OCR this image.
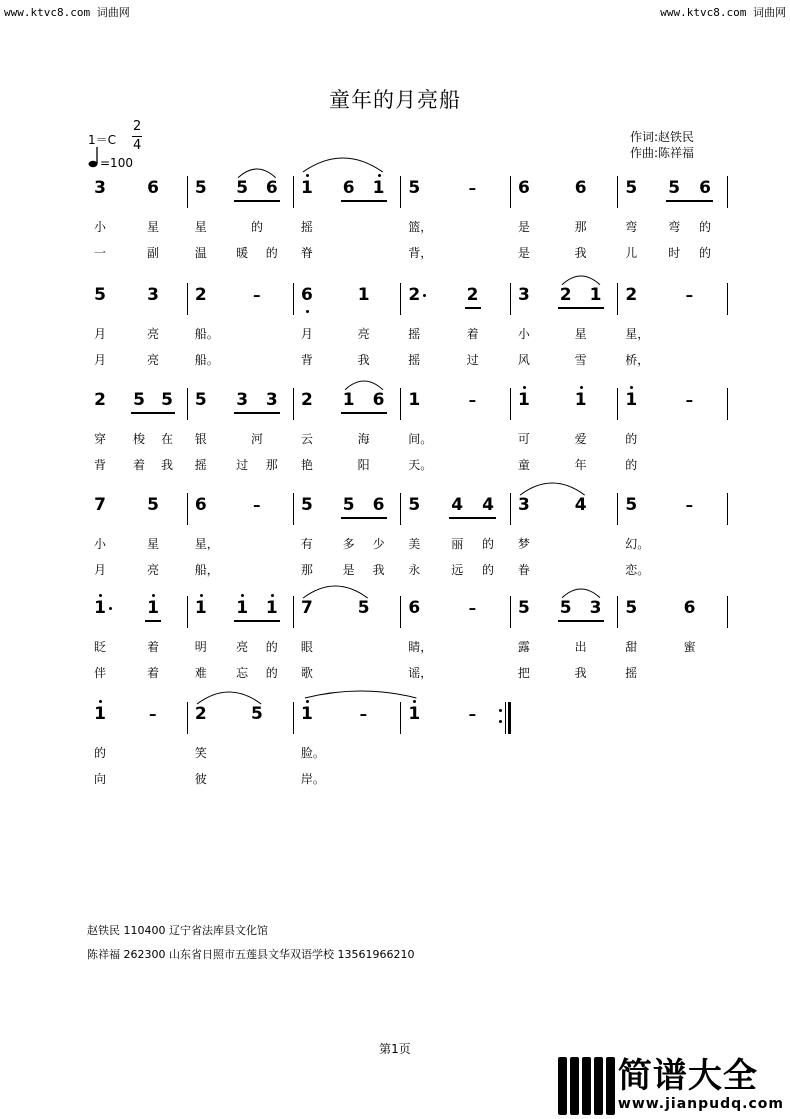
www.ktvc8.com 词曲网	www.ktvc8.com 词曲网
童年的月亮船
1＝C
2
4
=100
作词:赵铁民
作曲:陈祥福
3 6
小	星
一	副
5 5 6
星	的
温	暖	的
1 6 1
摇
脊
5	–
篮，
背，
6	6
是	那
是	我
5 5 6
弯	弯	的
儿	时	的
5 3
月	亮
月	亮
2	–
船。
船。
6	1
月	亮
背	我
2	2
摇	着
摇	过
3 2 1
小	星
风	雪
2	–
星，
桥，
2 5 5
穿	梭	在
背	着	我
5 3 3
银	河
摇	过	那
2 1 6
云	海
艳	阳
1	–
间。
天。
1	1
可	爱
童	年
1	–
的
的
7 5
小	星
月	亮
6	–
星，
船，
5 5 6
有	多	少
那	是	我
5 4 4
美	丽	的
永	远	的
3	4
梦
眷
5	–
幻。
恋。
1 1
眨	着
伴	着
1 1 1
明	亮	的
难	忘	的
7	5
眼
歌
6	–
睛，
谣，
5 5 3
露	出
把	我
5	6
甜	蜜
摇
1	–
的
向
2	5
笑
彼
1	–
脸。
岸。
1	–
赵铁民 110400 辽宁省法库县文化馆
陈祥福 262300 山东省日照市五莲县文华双语学校 13561966210
第1页
简谱大全
www.jianpudq.com
